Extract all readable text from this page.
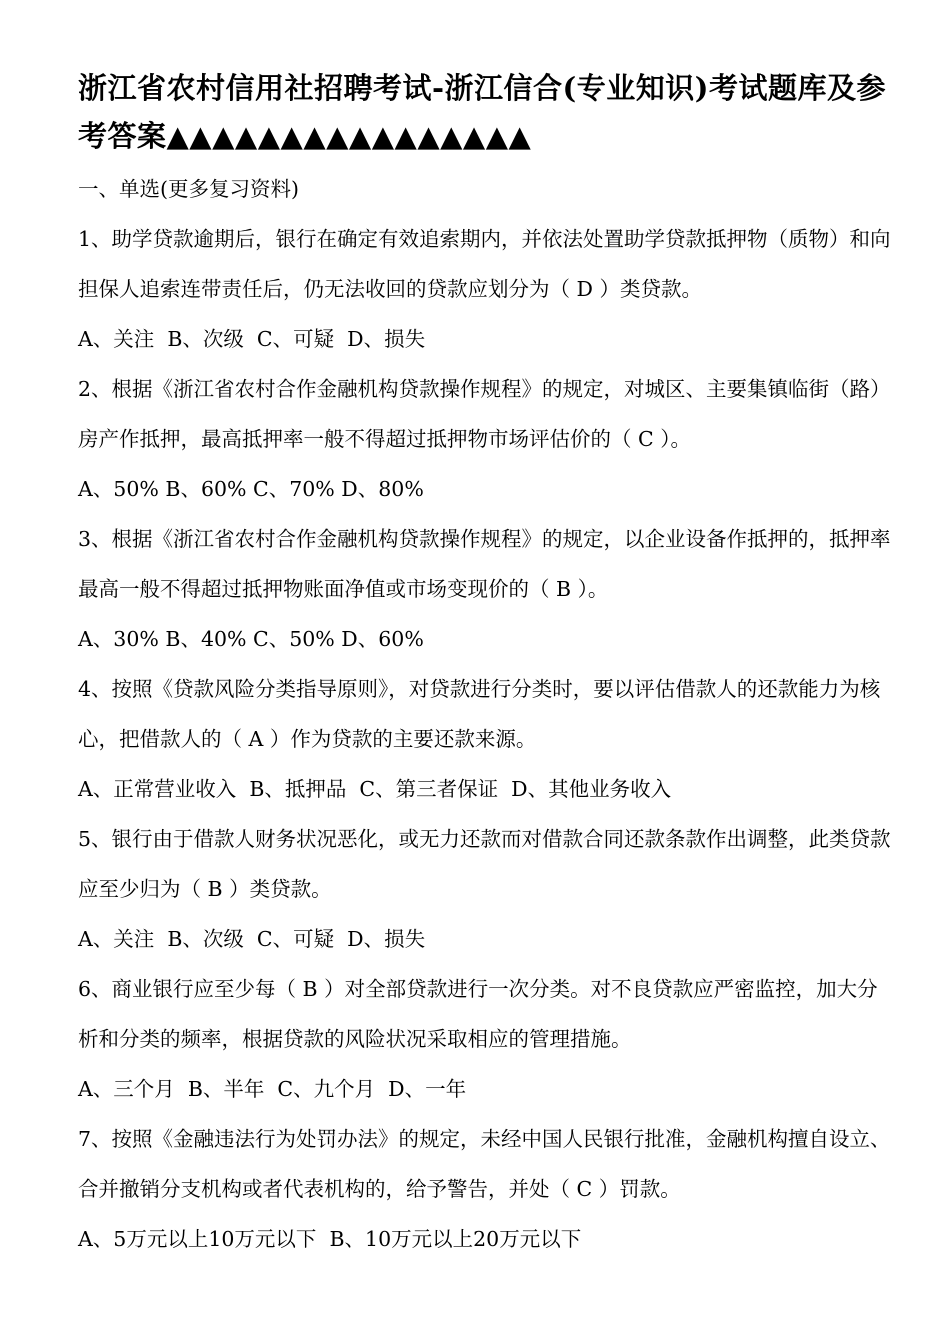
浙江省农村信用社招聘考试-浙江信合(专业知识)考试题库及参考答案▲▲▲▲▲▲▲▲▲▲▲▲▲▲▲▲

一、单选(更多复习资料)

1、助学贷款逾期后，银行在确定有效追索期内，并依法处置助学贷款抵押物（质物）和向担保人追索连带责任后，仍无法收回的贷款应划分为（ D ）类贷款。

A、关注  B、次级  C、可疑  D、损失

2、根据《浙江省农村合作金融机构贷款操作规程》的规定，对城区、主要集镇临街（路）房产作抵押，最高抵押率一般不得超过抵押物市场评估价的（ C ）。

A、50% B、60% C、70% D、80%

3、根据《浙江省农村合作金融机构贷款操作规程》的规定，以企业设备作抵押的，抵押率最高一般不得超过抵押物账面净值或市场变现价的（ B ）。

A、30% B、40% C、50% D、60%

4、按照《贷款风险分类指导原则》，对贷款进行分类时，要以评估借款人的还款能力为核心，把借款人的（ A ）作为贷款的主要还款来源。

A、正常营业收入  B、抵押品  C、第三者保证  D、其他业务收入

5、银行由于借款人财务状况恶化，或无力还款而对借款合同还款条款作出调整，此类贷款应至少归为（ B ）类贷款。

A、关注  B、次级  C、可疑  D、损失

6、商业银行应至少每（ B ）对全部贷款进行一次分类。对不良贷款应严密监控，加大分析和分类的频率，根据贷款的风险状况采取相应的管理措施。

A、三个月  B、半年  C、九个月  D、一年

7、按照《金融违法行为处罚办法》的规定，未经中国人民银行批准，金融机构擅自设立、合并撤销分支机构或者代表机构的，给予警告，并处（ C ）罚款。

A、5万元以上10万元以下  B、10万元以上20万元以下
